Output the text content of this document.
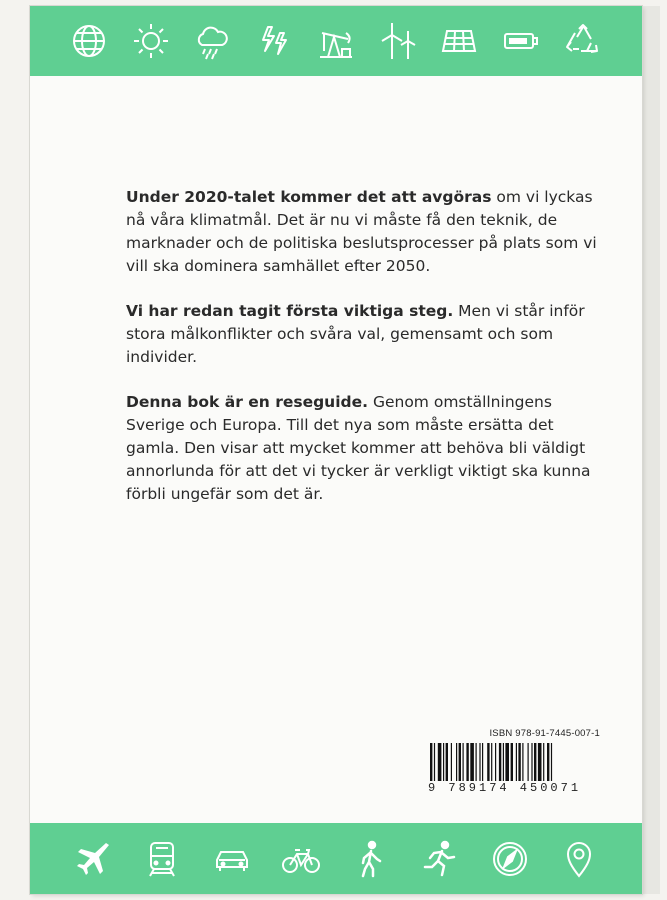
Under 2020-talet kommer det att avgöras om vi lyckas nå våra klimatmål. Det är nu vi måste få den teknik, de marknader och de politiska beslutsprocesser på plats som vi vill ska dominera samhället efter 2050.

Vi har redan tagit första viktiga steg. Men vi står inför stora målkonflikter och svåra val, gemensamt och som individer.

Denna bok är en reseguide. Genom omställningens Sverige och Europa. Till det nya som måste ersätta det gamla. Den visar att mycket kommer att behöva bli väldigt annorlunda för att det vi tycker är verkligt viktigt ska kunna förbli ungefär som det är.

ISBN 978-91-7445-007-1
9 789174 450071
